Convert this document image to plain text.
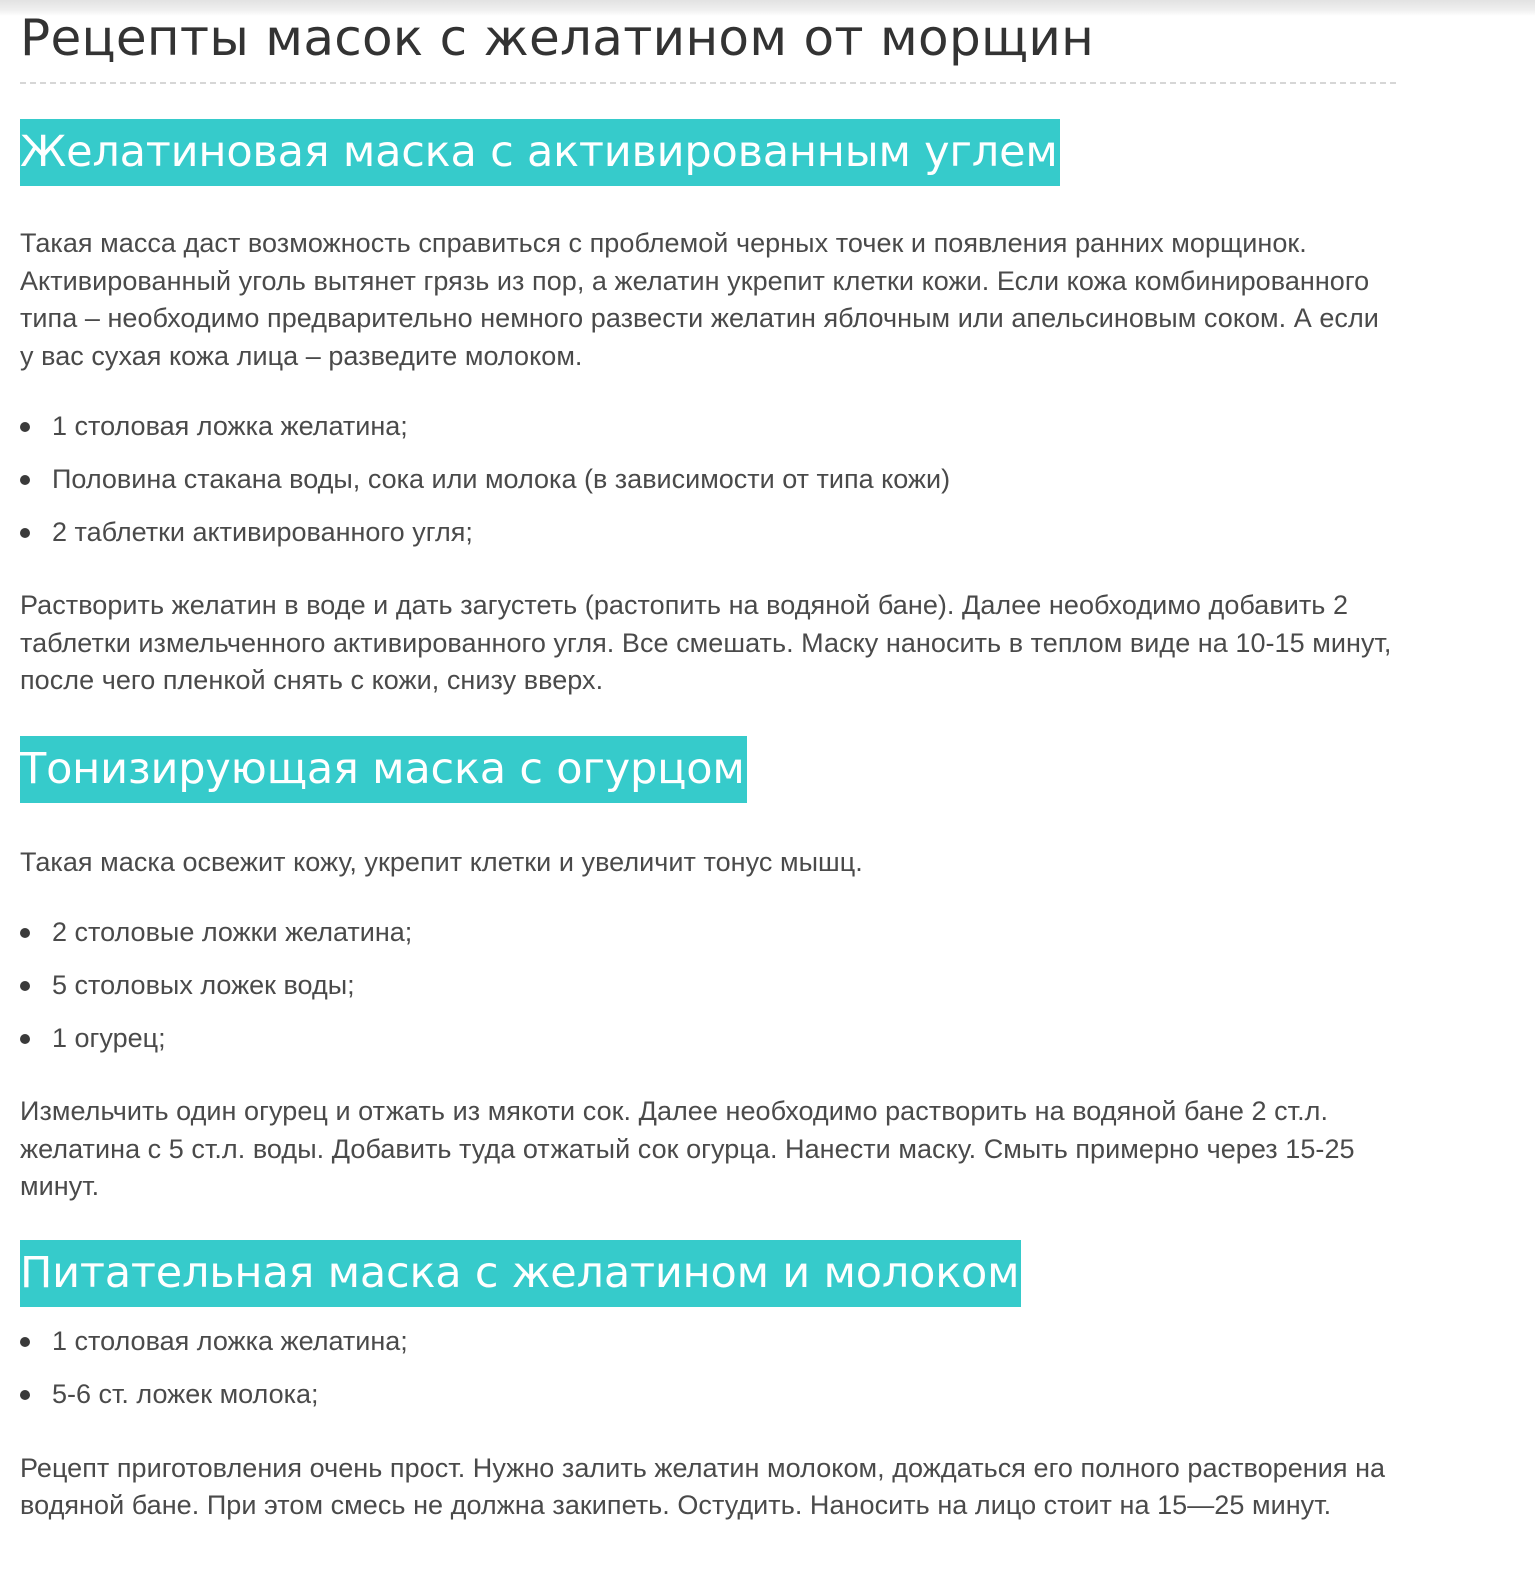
Рецепты масок с желатином от морщин
Желатиновая маска с активированным углем

Такая масса даст возможность справиться с проблемой черных точек и появления ранних морщинок. Активированный уголь вытянет грязь из пор, а желатин укрепит клетки кожи. Если кожа комбинированного типа – необходимо предварительно немного развести желатин яблочным или апельсиновым соком. А если у вас сухая кожа лица – разведите молоком.

1 столовая ложка желатина;
Половина стакана воды, сока или молока (в зависимости от типа кожи)
2 таблетки активированного угля;

Растворить желатин в воде и дать загустеть (растопить на водяной бане). Далее необходимо добавить 2 таблетки измельченного активированного угля. Все смешать. Маску наносить в теплом виде на 10-15 минут, после чего пленкой снять с кожи, снизу вверх.

Тонизирующая маска с огурцом

Такая маска освежит кожу, укрепит клетки и увеличит тонус мышц.

2 столовые ложки желатина;
5 столовых ложек воды;
1 огурец;

Измельчить один огурец и отжать из мякоти сок. Далее необходимо растворить на водяной бане 2 ст.л. желатина с 5 ст.л. воды. Добавить туда отжатый сок огурца. Нанести маску. Смыть примерно через 15-25 минут.

Питательная маска с желатином и молоком
1 столовая ложка желатина;
5-6 ст. ложек молока;

Рецепт приготовления очень прост. Нужно залить желатин молоком, дождаться его полного растворения на водяной бане. При этом смесь не должна закипеть. Остудить. Наносить на лицо стоит на 15—25 минут.
